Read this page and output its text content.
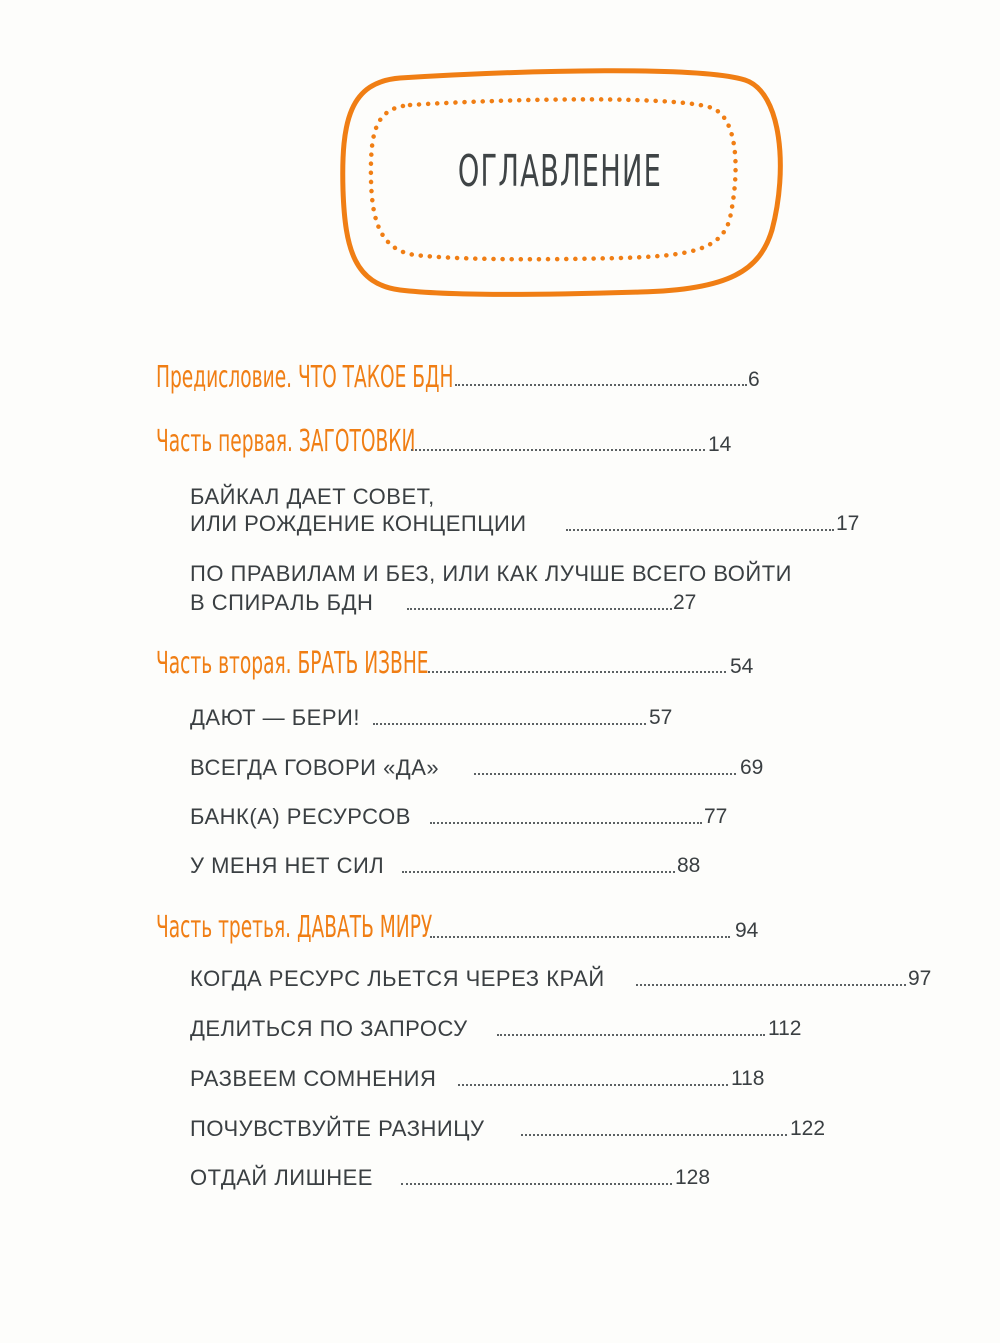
ОГЛАВЛЕНИЕ
Предисловие. ЧТО ТАКОЕ БДН	6
Часть первая. ЗАГОТОВКИ	14
БАЙКАЛ ДАЕТ СОВЕТ,
ИЛИ РОЖДЕНИЕ КОНЦЕПЦИИ	17
ПО ПРАВИЛАМ И БЕЗ, ИЛИ КАК ЛУЧШЕ ВСЕГО ВОЙТИ
В СПИРАЛЬ БДН	27
Часть вторая. БРАТЬ ИЗВНЕ	54
ДАЮТ — БЕРИ!	57
ВСЕГДА ГОВОРИ «ДА»	69
БАНК(А) РЕСУРСОВ	77
У МЕНЯ НЕТ СИЛ	88
Часть третья. ДАВАТЬ МИРУ	94
КОГДА РЕСУРС ЛЬЕТСЯ ЧЕРЕЗ КРАЙ	97
ДЕЛИТЬСЯ ПО ЗАПРОСУ	112
РАЗВЕЕМ СОМНЕНИЯ	118
ПОЧУВСТВУЙТЕ РАЗНИЦУ	122
ОТДАЙ ЛИШНЕЕ	128
